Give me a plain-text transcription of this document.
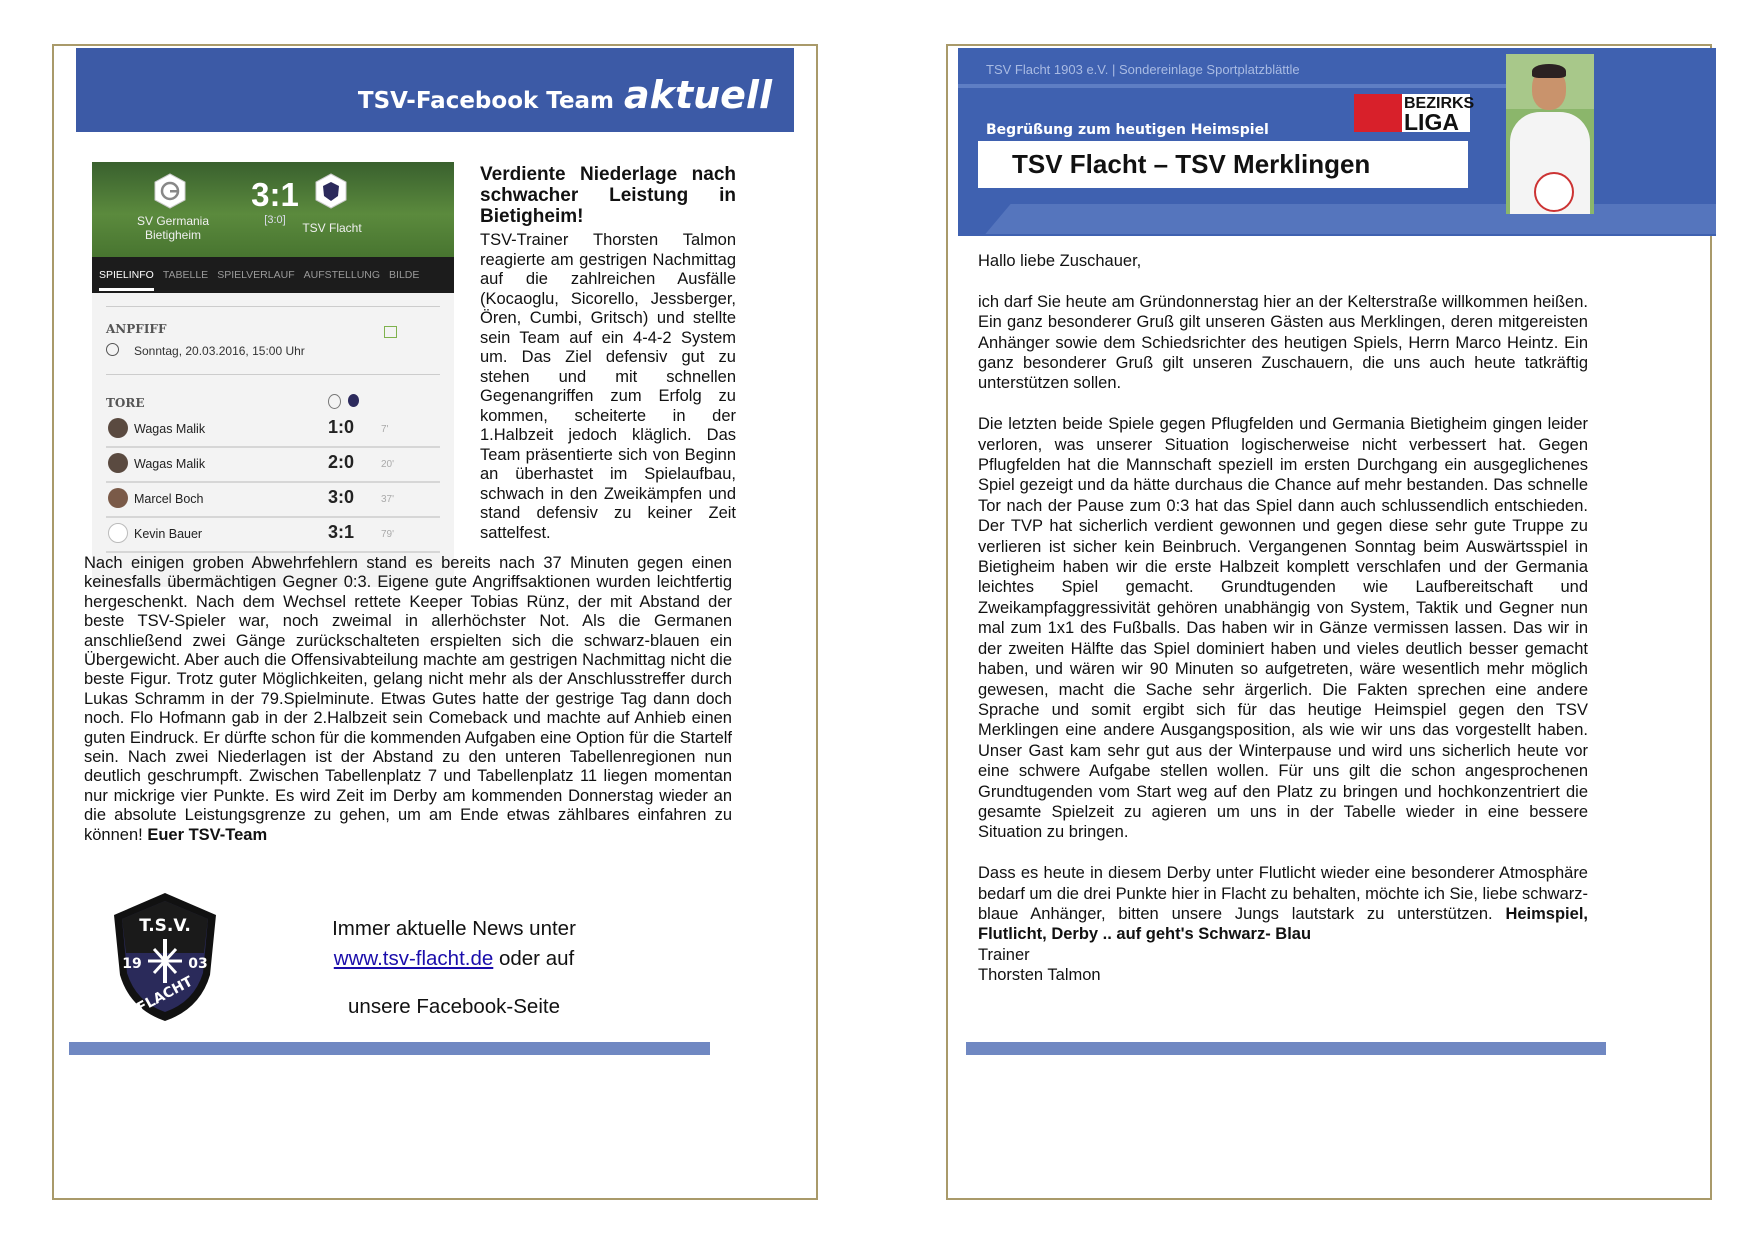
TSV-Facebook Team aktuell
SV Germania
Bietigheim
3:1
[3:0]
TSV Flacht
SPIELINFO TABELLE SPIELVERLAUF AUFSTELLUNG BILDE
ANPFIFF
Sonntag, 20.03.2016, 15:00 Uhr
TORE
Wagas Malik	1:0	7'
Wagas Malik	2:0	20'
Marcel Boch	3:0	37'
Kevin Bauer	3:1	79'
Verdiente Niederlage nach schwacher Leistung in Bietigheim!
TSV-Trainer Thorsten Talmon reagierte am gestrigen Nachmittag auf die zahlreichen Ausfälle (Kocaoglu, Sicorello, Jessberger, Ören, Cumbi, Gritsch) und stellte sein Team auf ein 4-4-2 System um. Das Ziel defensiv gut zu stehen und mit schnellen Gegenangriffen zum Erfolg zu kommen, scheiterte in der 1.Halbzeit jedoch kläglich. Das Team präsentierte sich von Beginn an überhastet im Spielaufbau, schwach in den Zweikämpfen und stand defensiv zu keiner Zeit sattelfest.
Nach einigen groben Abwehrfehlern stand es bereits nach 37 Minuten gegen einen keinesfalls übermächtigen Gegner 0:3. Eigene gute Angriffsaktionen wurden leichtfertig hergeschenkt. Nach dem Wechsel rettete Keeper Tobias Rünz, der mit Abstand der beste TSV-Spieler war, noch zweimal in allerhöchster Not. Als die Germanen anschließend zwei Gänge zurückschalteten erspielten sich die schwarz-blauen ein Übergewicht. Aber auch die Offensivabteilung machte am gestrigen Nachmittag nicht die beste Figur. Trotz guter Möglichkeiten, gelang nicht mehr als der Anschlusstreffer durch Lukas Schramm in der 79.Spielminute. Etwas Gutes hatte der gestrige Tag dann doch noch. Flo Hofmann gab in der 2.Halbzeit sein Comeback und machte auf Anhieb einen guten Eindruck. Er dürfte schon für die kommenden Aufgaben eine Option für die Startelf sein. Nach zwei Niederlagen ist der Abstand zu den unteren Tabellenregionen nun deutlich geschrumpft. Zwischen Tabellenplatz 7 und Tabellenplatz 11 liegen momentan nur mickrige vier Punkte. Es wird Zeit im Derby am kommenden Donnerstag wieder an die absolute Leistungsgrenze zu gehen, um am Ende etwas zählbares einfahren zu können! Euer TSV-Team
T.S.V.
19	03
FLACHT
Immer aktuelle News unter
www.tsv-flacht.de oder auf
unsere Facebook-Seite
TSV Flacht 1903 e.V. | Sondereinlage Sportplatzblättle
Begrüßung zum heutigen Heimspiel
TSV Flacht – TSV Merklingen
BEZIRKS
LIGA

Hallo liebe Zuschauer,

ich darf Sie heute am Gründonnerstag hier an der Kelterstraße willkommen heißen. Ein ganz besonderer Gruß gilt unseren Gästen aus Merklingen, deren mitgereisten Anhänger sowie dem Schiedsrichter des heutigen Spiels, Herrn Marco Heintz. Ein ganz besonderer Gruß gilt unseren Zuschauern, die uns auch heute tatkräftig unterstützen sollen.

Die letzten beide Spiele gegen Pflugfelden und Germania Bietigheim gingen leider verloren, was unserer Situation logischerweise nicht verbessert hat. Gegen Pflugfelden hat die Mannschaft speziell im ersten Durchgang ein ausgeglichenes Spiel gezeigt und da hätte durchaus die Chance auf mehr bestanden. Das schnelle Tor nach der Pause zum 0:3 hat das Spiel dann auch schlussendlich entschieden. Der TVP hat sicherlich verdient gewonnen und gegen diese sehr gute Truppe zu verlieren ist sicher kein Beinbruch. Vergangenen Sonntag beim Auswärtsspiel in Bietigheim haben wir die erste Halbzeit komplett verschlafen und der Germania leichtes Spiel gemacht. Grundtugenden wie Laufbereitschaft und Zweikampfaggressivität gehören unabhängig von System, Taktik und Gegner nun mal zum 1x1 des Fußballs. Das haben wir in Gänze vermissen lassen. Das wir in der zweiten Hälfte das Spiel dominiert haben und vieles deutlich besser gemacht haben, und wären wir 90 Minuten so aufgetreten, wäre wesentlich mehr möglich gewesen, macht die Sache sehr ärgerlich. Die Fakten sprechen eine andere Sprache und somit ergibt sich für das heutige Heimspiel gegen den TSV Merklingen eine andere Ausgangsposition, als wie wir uns das vorgestellt haben. Unser Gast kam sehr gut aus der Winterpause und wird uns sicherlich heute vor eine schwere Aufgabe stellen wollen. Für uns gilt die schon angesprochenen Grundtugenden vom Start weg auf den Platz zu bringen und hochkonzentriert die gesamte Spielzeit zu agieren um uns in der Tabelle wieder in eine bessere Situation zu bringen.

Dass es heute in diesem Derby unter Flutlicht wieder eine besonderer Atmosphäre bedarf um die drei Punkte hier in Flacht zu behalten, möchte ich Sie, liebe schwarz-blaue Anhänger, bitten unsere Jungs lautstark zu unterstützen. Heimspiel, Flutlicht, Derby .. auf geht's Schwarz- Blau

Trainer

Thorsten Talmon
